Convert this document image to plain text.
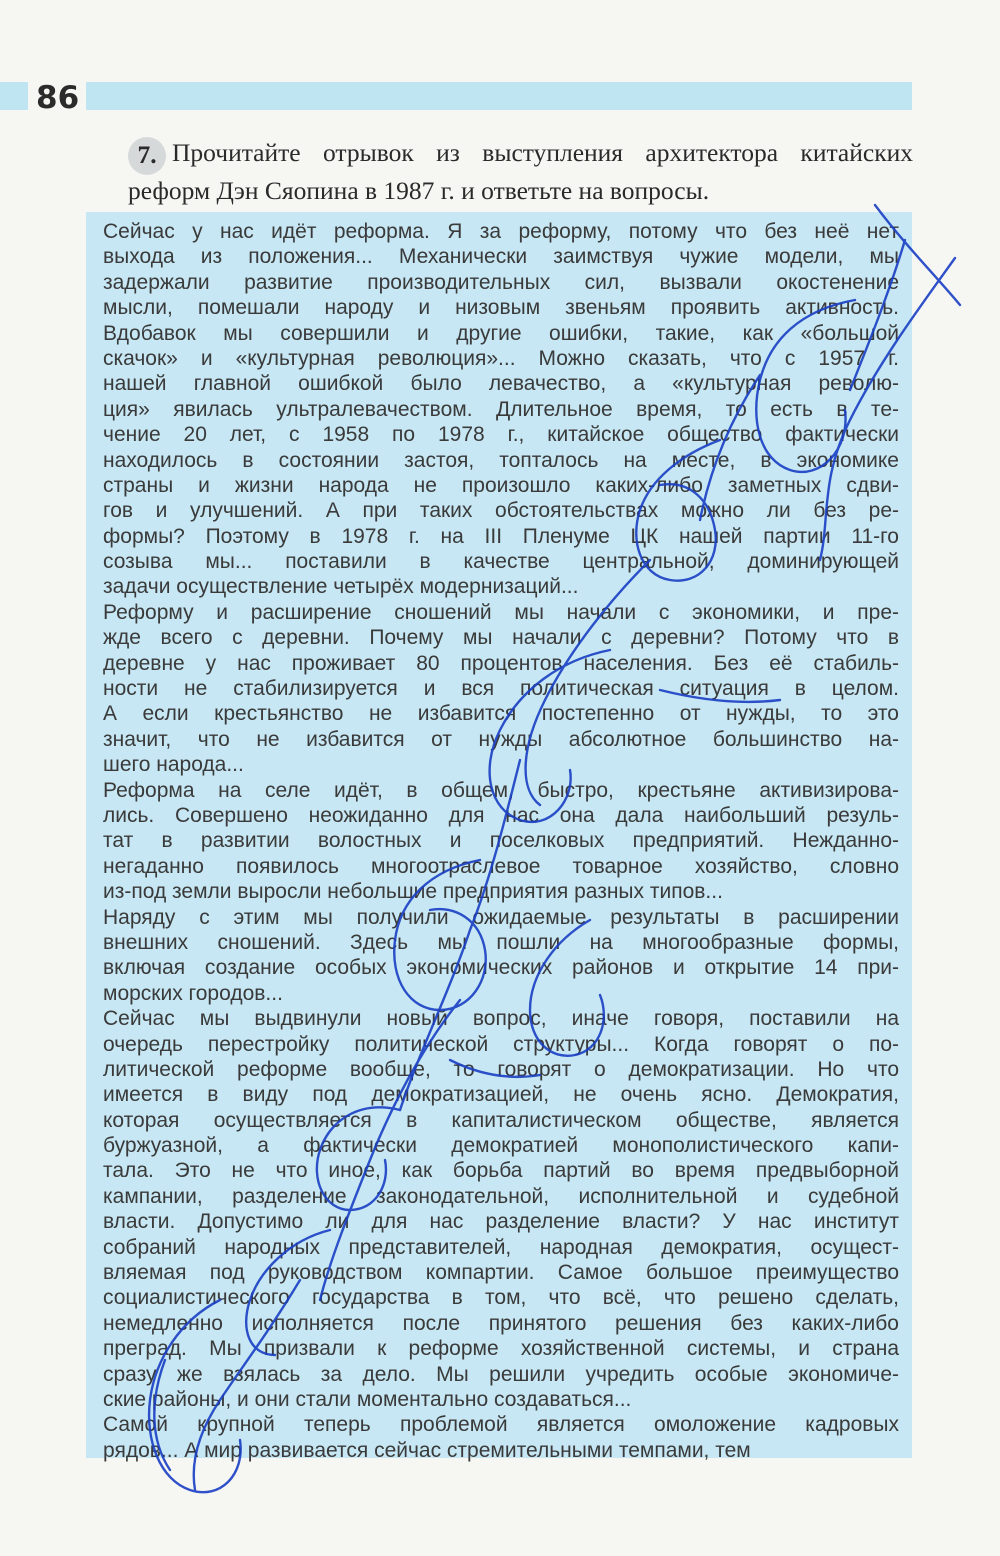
86
7. Прочитайте отрывок из выступления архитектора китайских реформ Дэн Сяопина в 1987 г. и ответьте на вопросы.
Сейчас у нас идёт реформа. Я за реформу, потому что без неё нет
выхода из положения... Механически заимствуя чужие модели, мы
задержали развитие производительных сил, вызвали окостенение
мысли, помешали народу и низовым звеньям проявить активность.
Вдобавок мы совершили и другие ошибки, такие, как «большой
скачок» и «культурная революция»... Можно сказать, что с 1957 г.
нашей главной ошибкой было левачество, а «культурная револю-
ция» явилась ультралевачеством. Длительное время, то есть в те-
чение 20 лет, с 1958 по 1978 г., китайское общество фактически
находилось в состоянии застоя, топталось на месте, в экономике
страны и жизни народа не произошло каких-либо заметных сдви-
гов и улучшений. А при таких обстоятельствах можно ли без ре-
формы? Поэтому в 1978 г. на III Пленуме ЦК нашей партии 11-го
созыва мы... поставили в качестве центральной, доминирующей
задачи осуществление четырёх модернизаций...
Реформу и расширение сношений мы начали с экономики, и пре-
жде всего с деревни. Почему мы начали с деревни? Потому что в
деревне у нас проживает 80 процентов населения. Без её стабиль-
ности не стабилизируется и вся политическая ситуация в целом.
А если крестьянство не избавится постепенно от нужды, то это
значит, что не избавится от нужды абсолютное большинство на-
шего народа...
Реформа на селе идёт, в общем, быстро, крестьяне активизирова-
лись. Совершено неожиданно для нас она дала наибольший резуль-
тат в развитии волостных и поселковых предприятий. Нежданно-
негаданно появилось многоотраслевое товарное хозяйство, словно
из-под земли выросли небольшие предприятия разных типов...
Наряду с этим мы получили ожидаемые результаты в расширении
внешних сношений. Здесь мы пошли на многообразные формы,
включая создание особых экономических районов и открытие 14 при-
морских городов...
Сейчас мы выдвинули новый вопрос, иначе говоря, поставили на
очередь перестройку политической структуры... Когда говорят о по-
литической реформе вообще, то говорят о демократизации. Но что
имеется в виду под демократизацией, не очень ясно. Демократия,
которая осуществляется в капиталистическом обществе, является
буржуазной, а фактически демократией монополистического капи-
тала. Это не что иное, как борьба партий во время предвыборной
кампании, разделение законодательной, исполнительной и судебной
власти. Допустимо ли для нас разделение власти? У нас институт
собраний народных представителей, народная демократия, осущест-
вляемая под руководством компартии. Самое большое преимущество
социалистического государства в том, что всё, что решено сделать,
немедленно исполняется после принятого решения без каких-либо
преград. Мы призвали к реформе хозяйственной системы, и страна
сразу же взялась за дело. Мы решили учредить особые экономиче-
ские районы, и они стали моментально создаваться...
Самой крупной теперь проблемой является омоложение кадровых
рядов... А мир развивается сейчас стремительными темпами, тем
